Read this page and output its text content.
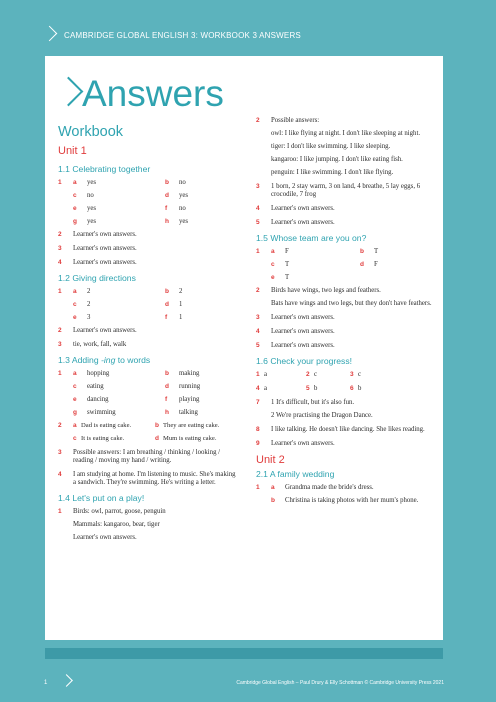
CAMBRIDGE GLOBAL ENGLISH 3: WORKBOOK 3 ANSWERS
Answers
Workbook
Unit 1
1.1 Celebrating together
1	a	yes	b	no
c	no	d	yes
e	yes	f	no
g	yes	h	yes
2	Learner's own answers.
3	Learner's own answers.
4	Learner's own answers.
1.2 Giving directions
1	a	2	b	2
c	2	d	1
e	3	f	1
2	Learner's own answers.
3	tie, work, fall, walk
1.3 Adding -ing to words
1	a	hopping	b	making
c	eating	d	running
e	dancing	f	playing
g	swimming	h	talking
2	a Dad is eating cake.	b They are eating cake.
c It is eating cake.	d Mum is eating cake.
3	Possible answers: I am breathing / thinking / looking / reading / moving my hand / writing.
4	I am studying at home. I'm listening to music. She's making a sandwich. They're swimming. He's writing a letter.
1.4 Let's put on a play!
1	Birds: owl, parrot, goose, penguin

Mammals: kangaroo, bear, tiger

Learner's own answers.

2	Possible answers:

owl: I like flying at night. I don't like sleeping at night.

tiger: I don't like swimming. I like sleeping.

kangaroo: I like jumping. I don't like eating fish.

penguin: I like swimming. I don't like flying.

3	1 born, 2 stay warm, 3 on land, 4 breathe, 5 lay eggs, 6 crocodile, 7 frog
4	Learner's own answers.
5	Learner's own answers.
1.5 Whose team are you on?
1	a	F	b	T
c	T	d	F
e	T
2	Birds have wings, two legs and feathers.

Bats have wings and two legs, but they don't have feathers.

3	Learner's own answers.
4	Learner's own answers.
5	Learner's own answers.
1.6 Check your progress!
1 a	2 c	3 c
4 a	5 b	6 b
7	1 It's difficult, but it's also fun.

2 We're practising the Dragon Dance.

8	I like talking. He doesn't like dancing. She likes reading.
9	Learner's own answers.
Unit 2
2.1 A family wedding
1	a	Grandma made the bride's dress.
b	Christina is taking photos with her mum's phone.
1	Cambridge Global English – Paul Drury & Elly Schottman © Cambridge University Press 2021
